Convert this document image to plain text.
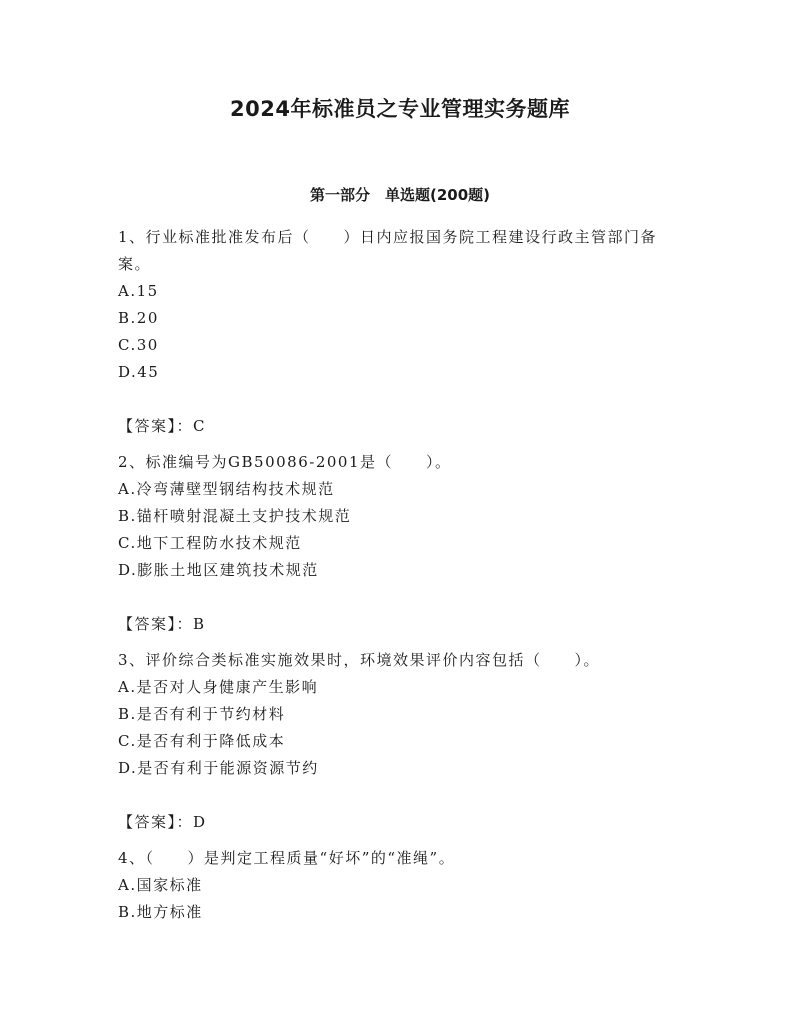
2024年标准员之专业管理实务题库
第一部分　单选题(200题)

1、行业标准批准发布后（　　）日内应报国务院工程建设行政主管部门备案。

A.15

B.20

C.30

D.45

【答案】：C

2、标准编号为GB50086-2001是（　　）。

A.冷弯薄壁型钢结构技术规范

B.锚杆喷射混凝土支护技术规范

C.地下工程防水技术规范

D.膨胀土地区建筑技术规范

【答案】：B

3、评价综合类标准实施效果时，环境效果评价内容包括（　　）。

A.是否对人身健康产生影响

B.是否有利于节约材料

C.是否有利于降低成本

D.是否有利于能源资源节约

【答案】：D

4、（　　）是判定工程质量“好坏”的“准绳”。

A.国家标准

B.地方标准
